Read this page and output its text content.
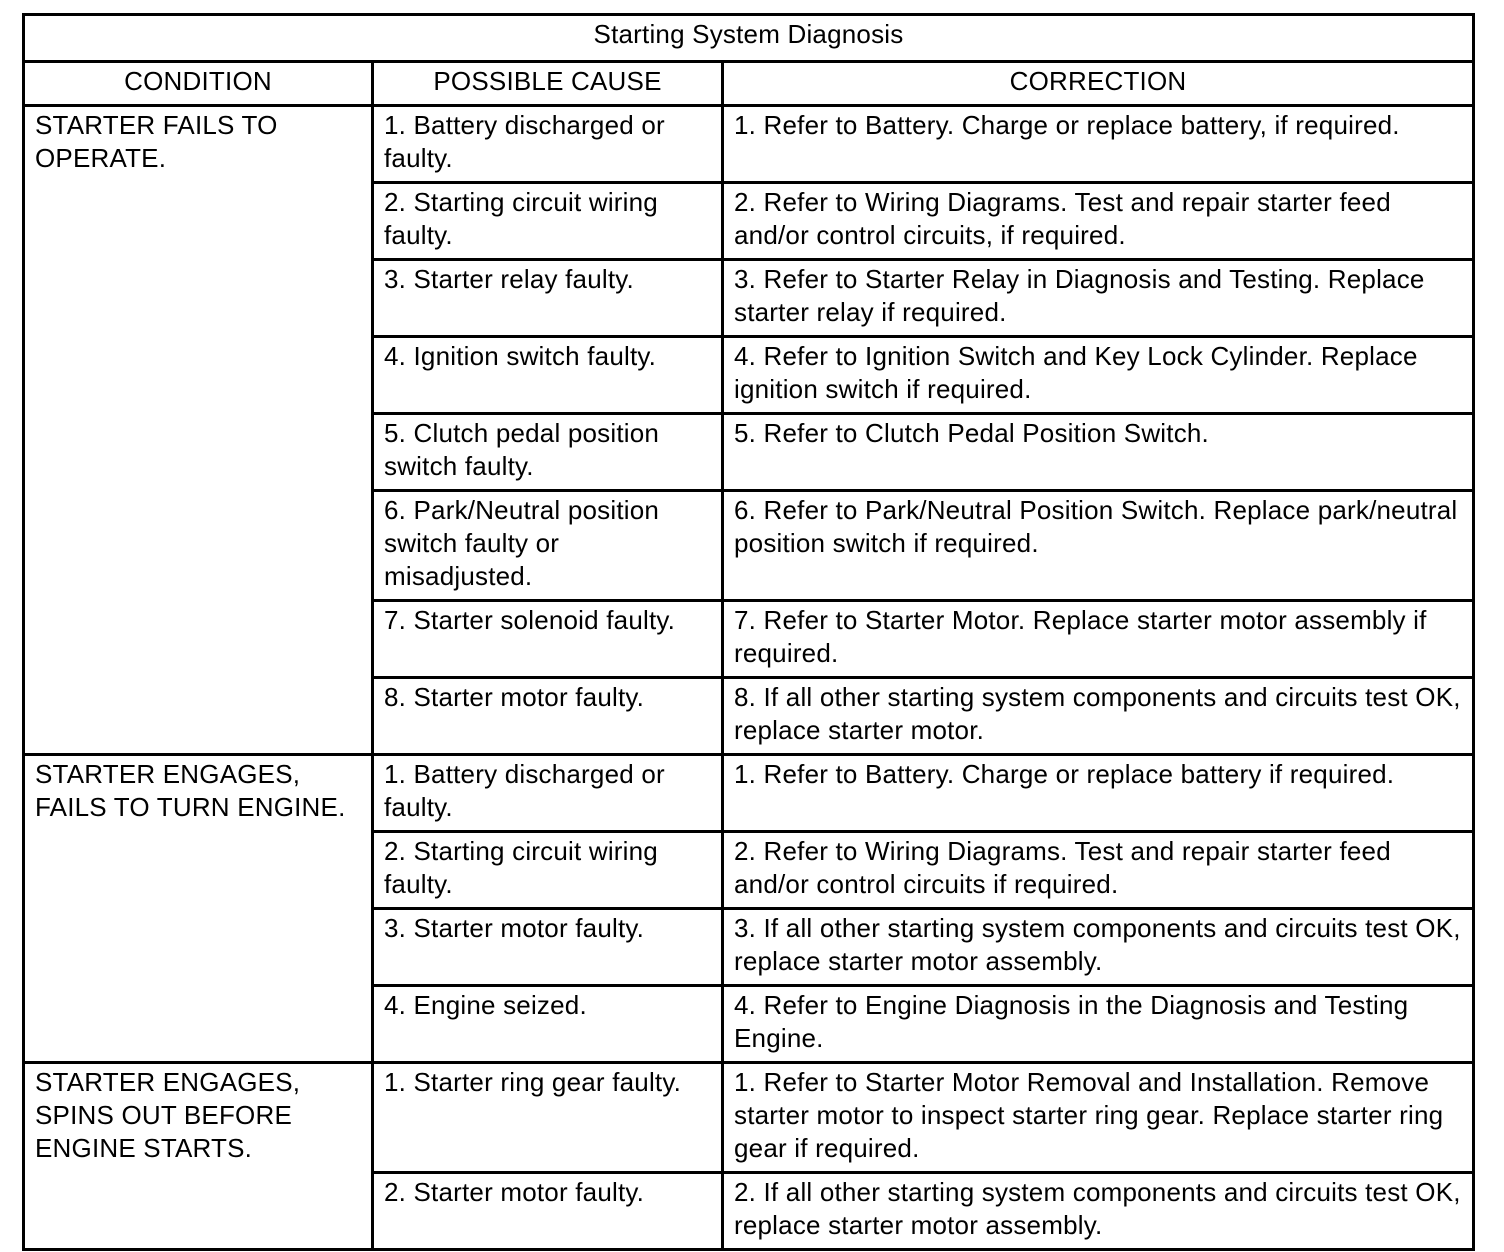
Starting System Diagnosis		
CONDITION	POSSIBLE CAUSE	CORRECTION
STARTER FAILS TO OPERATE.	1. Battery discharged or faulty.	1. Refer to Battery. Charge or replace battery, if required.
	2. Starting circuit wiring faulty.	2. Refer to Wiring Diagrams. Test and repair starter feed and/or control circuits, if required.
	3. Starter relay faulty.	3. Refer to Starter Relay in Diagnosis and Testing. Replace starter relay if required.
	4. Ignition switch faulty.	4. Refer to Ignition Switch and Key Lock Cylinder. Replace ignition switch if required.
	5. Clutch pedal position switch faulty.	5. Refer to Clutch Pedal Position Switch.
	6. Park/Neutral position switch faulty or misadjusted.	6. Refer to Park/Neutral Position Switch. Replace park/neutral position switch if required.
	7. Starter solenoid faulty.	7. Refer to Starter Motor. Replace starter motor assembly if required.
	8. Starter motor faulty.	8. If all other starting system components and circuits test OK, replace starter motor.
STARTER ENGAGES, FAILS TO TURN ENGINE.	1. Battery discharged or faulty.	1. Refer to Battery. Charge or replace battery if required.
	2. Starting circuit wiring faulty.	2. Refer to Wiring Diagrams. Test and repair starter feed and/or control circuits if required.
	3. Starter motor faulty.	3. If all other starting system components and circuits test OK, replace starter motor assembly.
	4. Engine seized.	4. Refer to Engine Diagnosis in the Diagnosis and Testing Engine.
STARTER ENGAGES, SPINS OUT BEFORE ENGINE STARTS.	1. Starter ring gear faulty.	1. Refer to Starter Motor Removal and Installation. Remove starter motor to inspect starter ring gear. Replace starter ring gear if required.
	2. Starter motor faulty.	2. If all other starting system components and circuits test OK, replace starter motor assembly.
